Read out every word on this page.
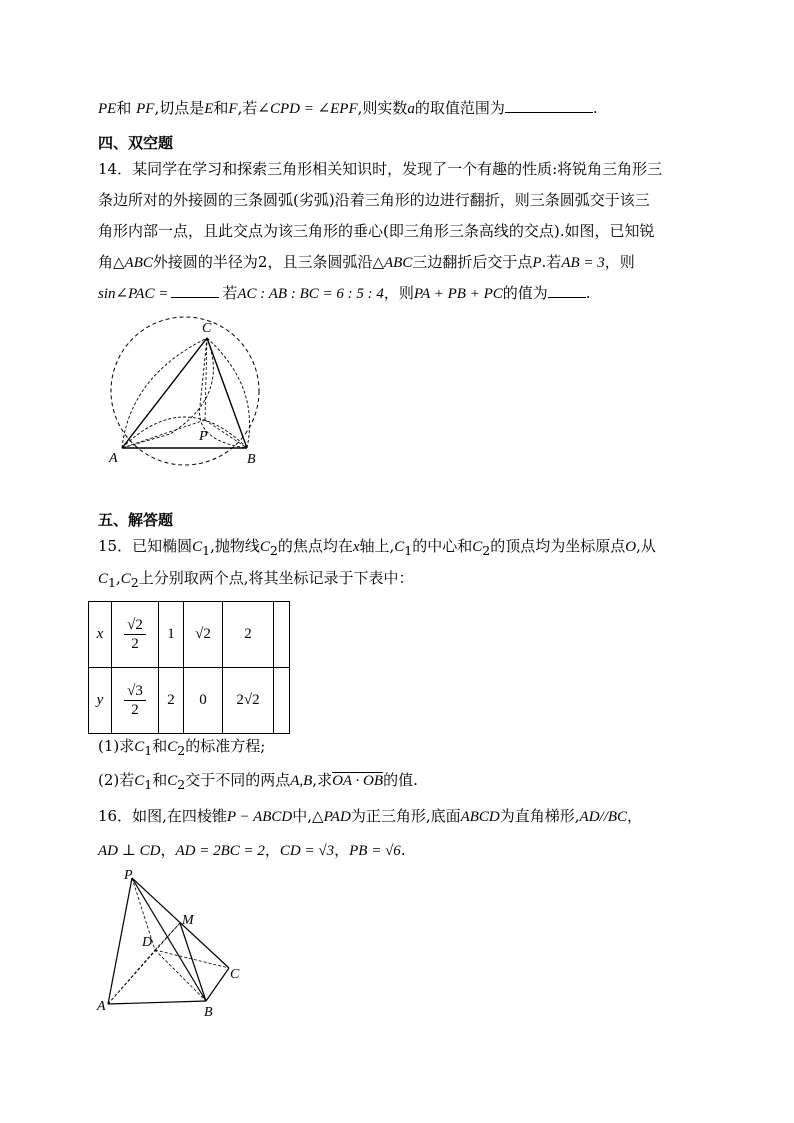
PE和 PF,切点是E和F,若∠CPD = ∠EPF,则实数a的取值范围为	.
四、双空题
14．某同学在学习和探索三角形相关知识时，发现了一个有趣的性质:将锐角三角形三
条边所对的外接圆的三条圆弧(劣弧)沿着三角形的边进行翻折，则三条圆弧交于该三
角形内部一点，且此交点为该三角形的垂心(即三角形三条高线的交点).如图，已知锐
角△ABC外接圆的半径为2，且三条圆弧沿△ABC三边翻折后交于点P.若AB = 3，则
sin∠PAC =	若AC : AB : BC = 6 : 5 : 4，则PA + PB + PC的值为	.
C
P
A	B
五、解答题
15．已知椭圆$C_1$,抛物线$C_2$的焦点均在x轴上$,C_1$的中心和$C_2$的顶点均为坐标原点O,从
$C_1,C_2$上分别取两个点,将其坐标记录于下表中：
x	$\frac{√2}{2}$	1	√2	2	
y	$\frac{√3}{2}$	2	0	2√2	
(1)求$C_1$和$C_2$的标准方程;
(2)若$C_1$和$C_2$交于不同的两点A,B,求OA · OB的值.
16．如图,在四棱锥P − ABCD中,△PAD为正三角形,底面ABCD为直角梯形,AD//BC，
AD ⊥ CD，AD = 2BC = 2，CD = √3，PB = √6.
P
M
D
C
A	B
